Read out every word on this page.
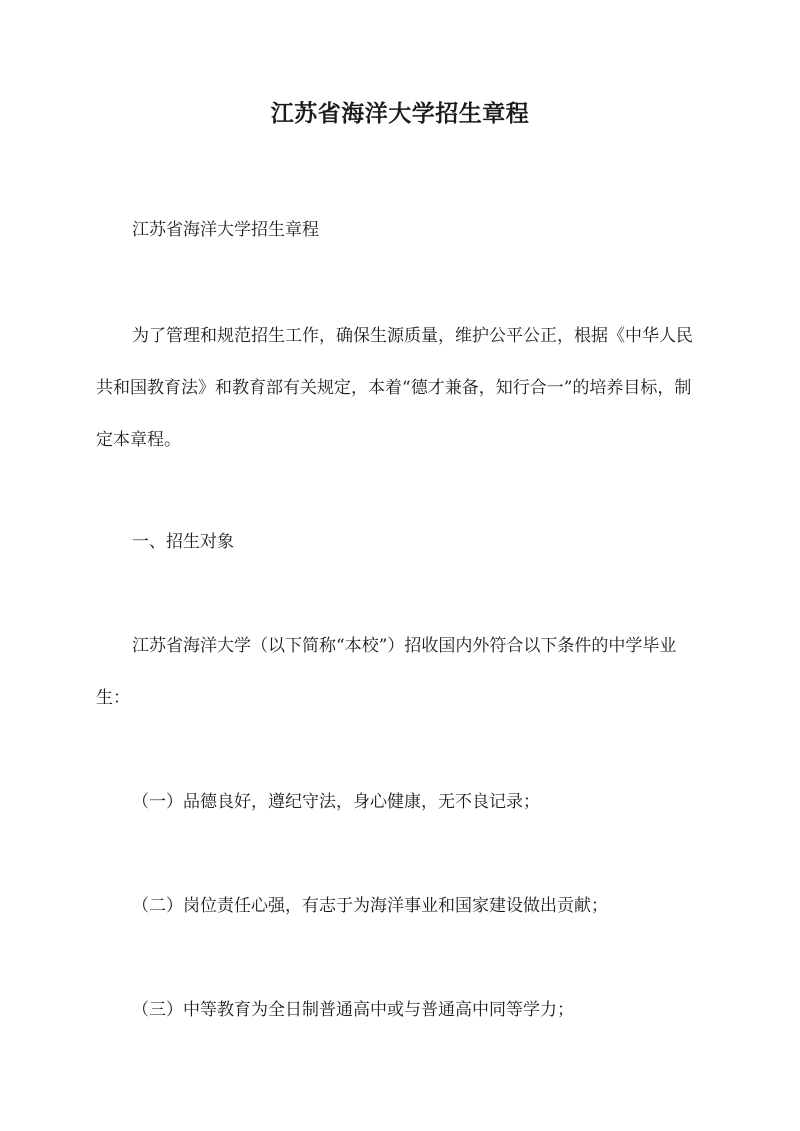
江苏省海洋大学招生章程

江苏省海洋大学招生章程

为了管理和规范招生工作，确保生源质量，维护公平公正，根据《中华人民共和国教育法》和教育部有关规定，本着“德才兼备，知行合一”的培养目标，制定本章程。

一、招生对象

江苏省海洋大学（以下简称“本校”）招收国内外符合以下条件的中学毕业生：

（一）品德良好，遵纪守法，身心健康，无不良记录；

（二）岗位责任心强，有志于为海洋事业和国家建设做出贡献；

（三）中等教育为全日制普通高中或与普通高中同等学力；
